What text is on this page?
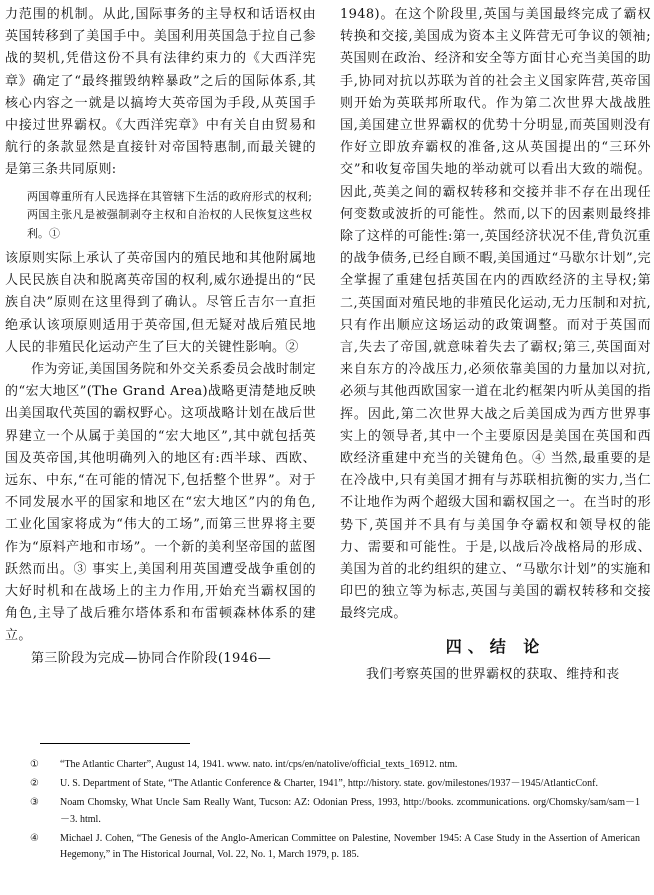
力范围的机制。从此,国际事务的主导权和话语权由英国转移到了美国手中。美国利用英国急于拉自己参战的契机,凭借这份不具有法律约束力的《大西洋宪章》确定了“最终摧毁纳粹暴政”之后的国际体系,其核心内容之一就是以搞垮大英帝国为手段,从英国手中接过世界霸权。《大西洋宪章》中有关自由贸易和航行的条款显然是直接针对帝国特惠制,而最关键的是第三条共同原则:

两国尊重所有人民选择在其管辖下生活的政府形式的权利;两国主张凡是被强制剥夺主权和自治权的人民恢复这些权利。①

该原则实际上承认了英帝国内的殖民地和其他附属地人民民族自决和脱离英帝国的权利,威尔逊提出的“民族自决”原则在这里得到了确认。尽管丘吉尔一直拒绝承认该项原则适用于英帝国,但无疑对战后殖民地人民的非殖民化运动产生了巨大的关键性影响。②

作为旁证,美国国务院和外交关系委员会战时制定的“宏大地区”(The Grand Area)战略更清楚地反映出美国取代英国的霸权野心。这项战略计划在战后世界建立一个从属于美国的“宏大地区”,其中就包括英国及英帝国,其他明确列入的地区有:西半球、西欧、远东、中东,“在可能的情况下,包括整个世界”。对于不同发展水平的国家和地区在“宏大地区”内的角色,工业化国家将成为“伟大的工场”,而第三世界将主要作为“原料产地和市场”。一个新的美利坚帝国的蓝图跃然而出。③ 事实上,美国利用英国遭受战争重创的大好时机和在战场上的主力作用,开始充当霸权国的角色,主导了战后雅尔塔体系和布雷顿森林体系的建立。

第三阶段为完成—协同合作阶段(1946—

1948)。在这个阶段里,英国与美国最终完成了霸权转换和交接,美国成为资本主义阵营无可争议的领袖;英国则在政治、经济和安全等方面甘心充当美国的助手,协同对抗以苏联为首的社会主义国家阵营,英帝国则开始为英联邦所取代。作为第二次世界大战战胜国,美国建立世界霸权的优势十分明显,而英国则没有作好立即放弃霸权的准备,这从英国提出的“三环外交”和收复帝国失地的举动就可以看出大致的端倪。因此,英美之间的霸权转移和交接并非不存在出现任何变数或波折的可能性。然而,以下的因素则最终排除了这样的可能性:第一,英国经济状况不佳,背负沉重的战争债务,已经自顾不暇,美国通过“马歇尔计划”,完全掌握了重建包括英国在内的西欧经济的主导权;第二,英国面对殖民地的非殖民化运动,无力压制和对抗,只有作出顺应这场运动的政策调整。而对于英国而言,失去了帝国,就意味着失去了霸权;第三,英国面对来自东方的冷战压力,必须依靠美国的力量加以对抗,必须与其他西欧国家一道在北约框架内听从美国的指挥。因此,第二次世界大战之后美国成为西方世界事实上的领导者,其中一个主要原因是美国在英国和西欧经济重建中充当的关键角色。④ 当然,最重要的是在冷战中,只有美国才拥有与苏联相抗衡的实力,当仁不让地作为两个超级大国和霸权国之一。在当时的形势下,英国并不具有与美国争夺霸权和领导权的能力、需要和可能性。于是,以战后冷战格局的形成、美国为首的北约组织的建立、“马歇尔计划”的实施和印巴的独立等为标志,英国与美国的霸权转移和交接最终完成。

四、结 论

我们考察英国的世界霸权的获取、维持和丧

① “The Atlantic Charter”, August 14, 1941. www. nato. int/cps/en/natolive/official_texts_16912. ntm.
② U. S. Department of State, “The Atlantic Conference & Charter, 1941”, http://history. state. gov/milestones/1937－1945/AtlanticConf.
③ Noam Chomsky, What Uncle Sam Really Want, Tucson: AZ: Odonian Press, 1993, http://books. zcommunications. org/Chomsky/sam/sam－1－3. html.
④ Michael J. Cohen, “The Genesis of the Anglo-American Committee on Palestine, November 1945: A Case Study in the Assertion of American Hegemony,” in The Historical Journal, Vol. 22, No. 1, March 1979, p. 185.
